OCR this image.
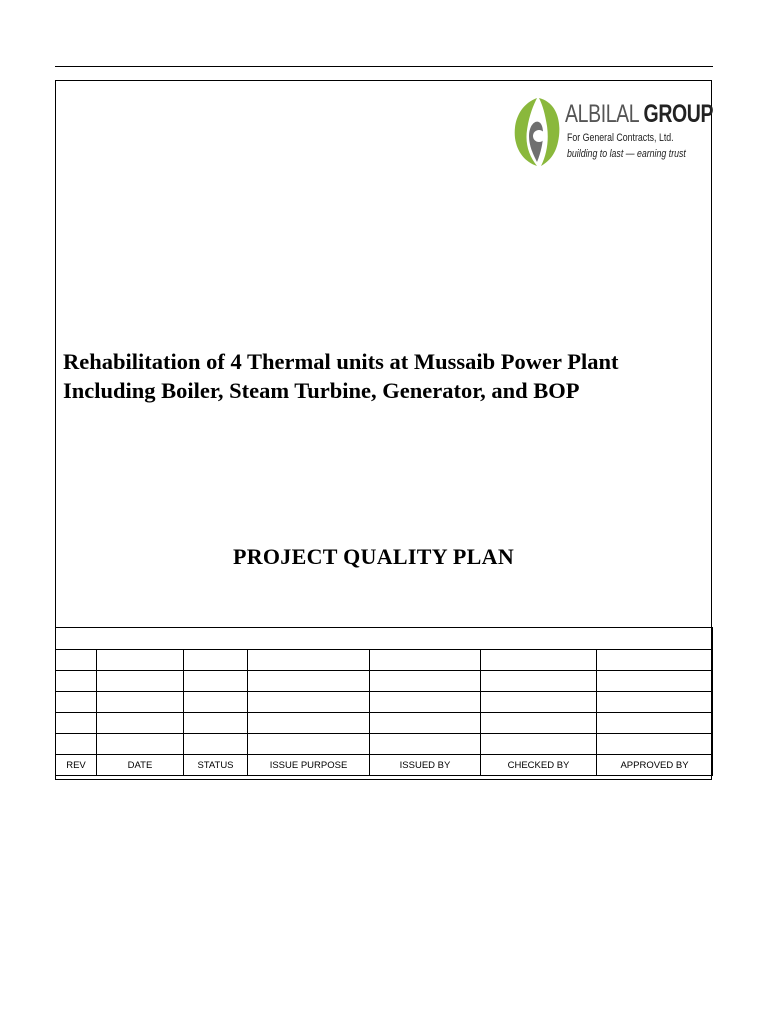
ALBILAL GROUP
For General Contracts, Ltd.
building to last — earning trust
Rehabilitation of 4 Thermal units at Mussaib Power Plant
Including Boiler, Steam Turbine, Generator, and BOP
PROJECT QUALITY PLAN

REV	DATE	STATUS	ISSUE PURPOSE	ISSUED BY	CHECKED BY	APPROVED BY
